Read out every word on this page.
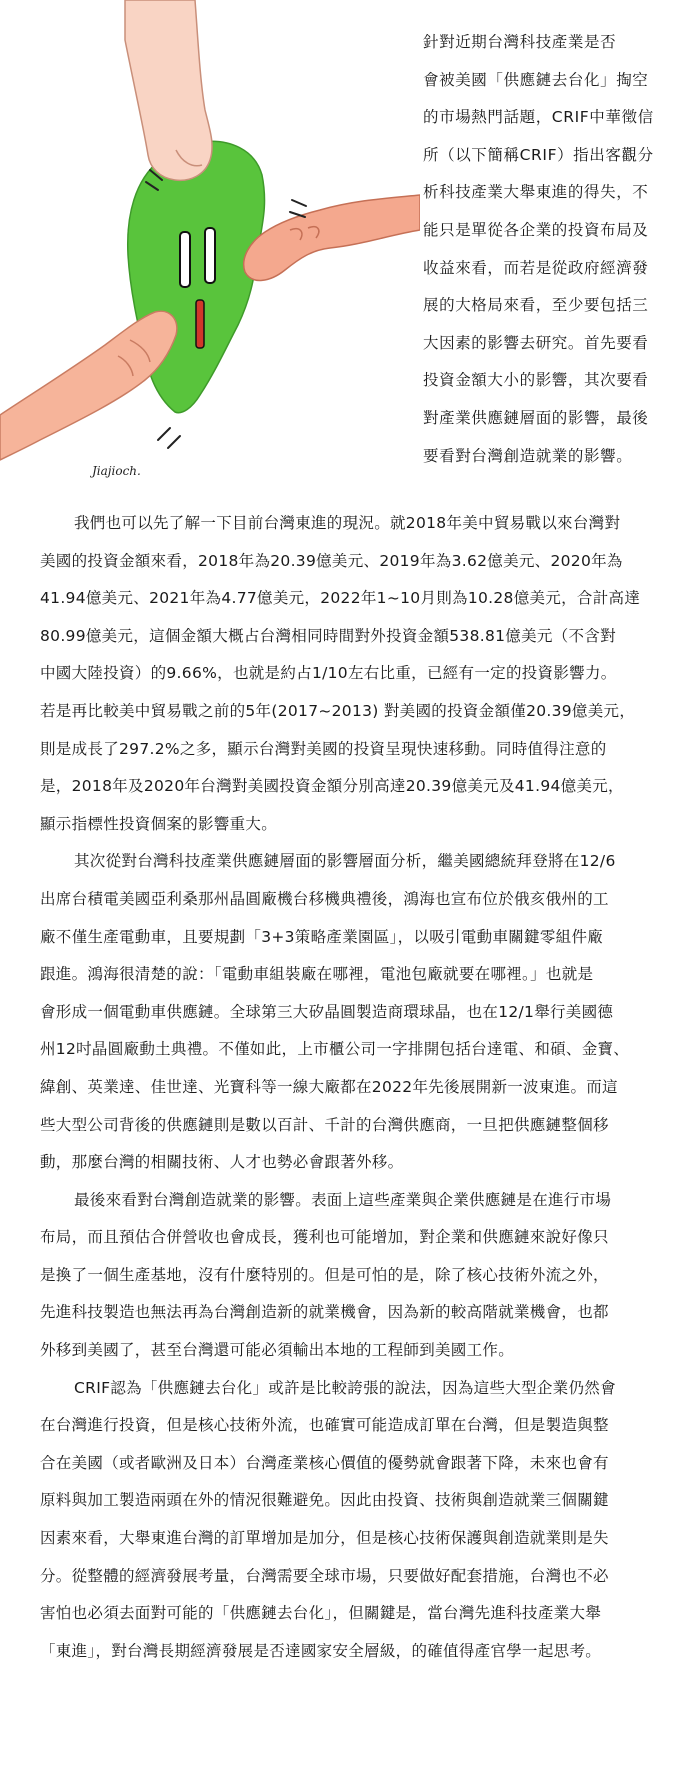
Jiajioch.
針對近期台灣科技產業是否
會被美國「供應鏈去台化」掏空
的市場熱門話題，CRIF中華徵信
所（以下簡稱CRIF）指出客觀分
析科技產業大舉東進的得失，不
能只是單從各企業的投資布局及
收益來看，而若是從政府經濟發
展的大格局來看，至少要包括三
大因素的影響去研究。首先要看
投資金額大小的影響，其次要看
對產業供應鏈層面的影響，最後
要看對台灣創造就業的影響。

我們也可以先了解一下目前台灣東進的現況。就2018年美中貿易戰以來台灣對
美國的投資金額來看，2018年為20.39億美元、2019年為3.62億美元、2020年為
41.94億美元、2021年為4.77億美元，2022年1~10月則為10.28億美元，合計高達
80.99億美元，這個金額大概占台灣相同時間對外投資金額538.81億美元（不含對
中國大陸投資）的9.66%，也就是約占1/10左右比重，已經有一定的投資影響力。
若是再比較美中貿易戰之前的5年(2017~2013) 對美國的投資金額僅20.39億美元，
則是成長了297.2%之多，顯示台灣對美國的投資呈現快速移動。同時值得注意的
是，2018年及2020年台灣對美國投資金額分別高達20.39億美元及41.94億美元，
顯示指標性投資個案的影響重大。

其次從對台灣科技產業供應鏈層面的影響層面分析，繼美國總統拜登將在12/6
出席台積電美國亞利桑那州晶圓廠機台移機典禮後，鴻海也宣布位於俄亥俄州的工
廠不僅生產電動車，且要規劃「3+3策略產業園區」，以吸引電動車關鍵零組件廠
跟進。鴻海很清楚的說：「電動車組裝廠在哪裡，電池包廠就要在哪裡。」也就是
會形成一個電動車供應鏈。全球第三大矽晶圓製造商環球晶，也在12/1舉行美國德
州12吋晶圓廠動土典禮。不僅如此，上市櫃公司一字排開包括台達電、和碩、金寶、
緯創、英業達、佳世達、光寶科等一線大廠都在2022年先後展開新一波東進。而這
些大型公司背後的供應鏈則是數以百計、千計的台灣供應商，一旦把供應鏈整個移
動，那麼台灣的相關技術、人才也勢必會跟著外移。

最後來看對台灣創造就業的影響。表面上這些產業與企業供應鏈是在進行市場
布局，而且預估合併營收也會成長，獲利也可能增加，對企業和供應鏈來說好像只
是換了一個生產基地，沒有什麼特別的。但是可怕的是，除了核心技術外流之外，
先進科技製造也無法再為台灣創造新的就業機會，因為新的較高階就業機會，也都
外移到美國了，甚至台灣還可能必須輸出本地的工程師到美國工作。

CRIF認為「供應鏈去台化」或許是比較誇張的說法，因為這些大型企業仍然會
在台灣進行投資，但是核心技術外流，也確實可能造成訂單在台灣，但是製造與整
合在美國（或者歐洲及日本）台灣產業核心價值的優勢就會跟著下降，未來也會有
原料與加工製造兩頭在外的情況很難避免。因此由投資、技術與創造就業三個關鍵
因素來看，大舉東進台灣的訂單增加是加分，但是核心技術保護與創造就業則是失
分。從整體的經濟發展考量，台灣需要全球市場，只要做好配套措施，台灣也不必
害怕也必須去面對可能的「供應鏈去台化」，但關鍵是，當台灣先進科技產業大舉
「東進」，對台灣長期經濟發展是否達國家安全層級，的確值得產官學一起思考。
